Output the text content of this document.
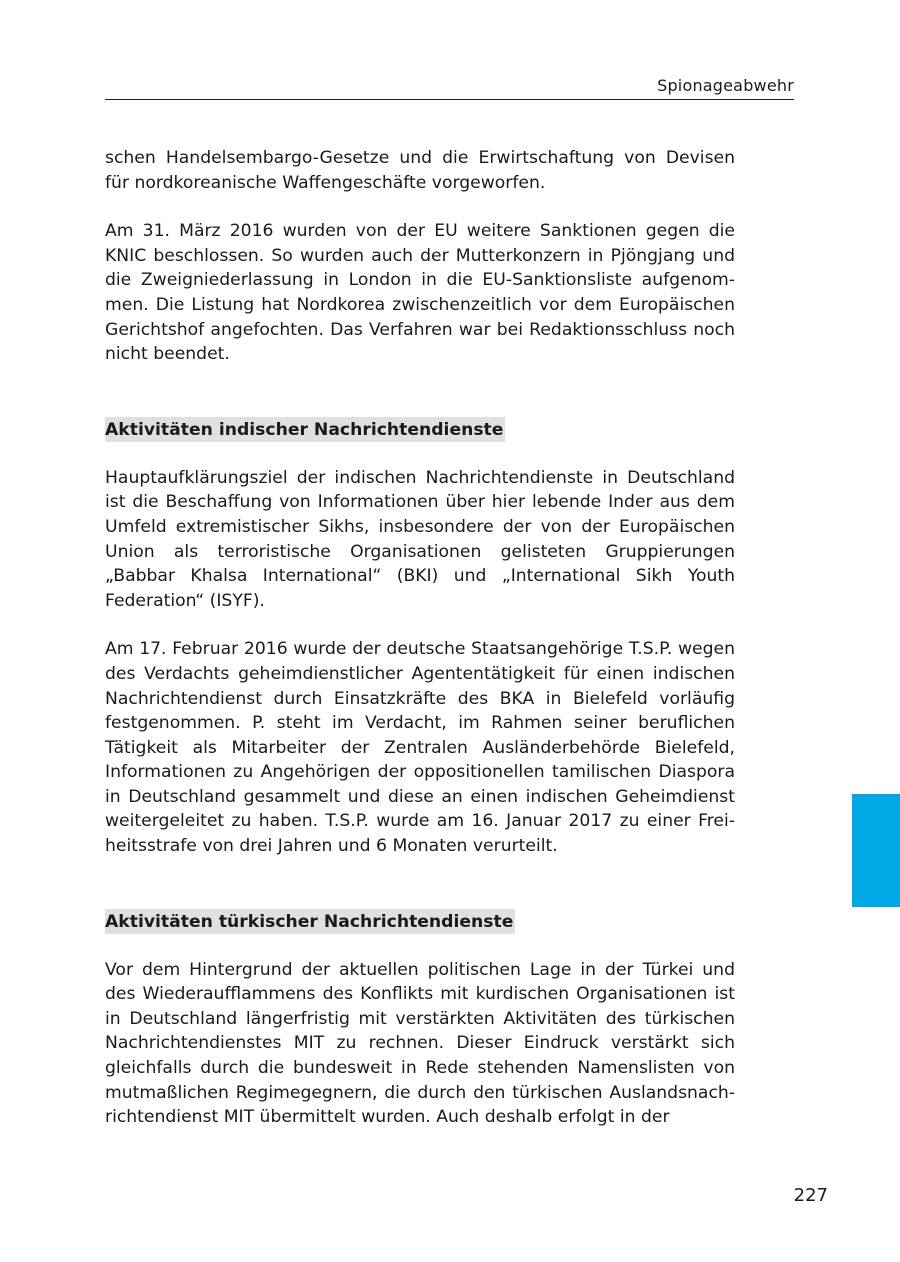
Spionageabwehr

schen Handelsembargo-Gesetze und die Erwirtschaftung von Devisen für nordkoreanische Waffengeschäfte vorgeworfen.

Am 31. März 2016 wurden von der EU weitere Sanktionen gegen die KNIC beschlossen. So wurden auch der Mutterkonzern in Pjöngjang und die Zweigniederlassung in London in die EU-Sanktionsliste aufgenommen. Die Listung hat Nordkorea zwischenzeitlich vor dem Europäischen Gerichtshof angefochten. Das Verfahren war bei Redaktionsschluss noch nicht beendet.

Aktivitäten indischer Nachrichtendienste

Hauptaufklärungsziel der indischen Nachrichtendienste in Deutschland ist die Beschaffung von Informationen über hier lebende Inder aus dem Umfeld extremistischer Sikhs, insbesondere der von der Europäischen Union als terroristische Organisationen gelisteten Gruppierungen „Babbar Khalsa International“ (BKI) und „International Sikh Youth Federation“ (ISYF).

Am 17. Februar 2016 wurde der deutsche Staatsangehörige T.S.P. wegen des Verdachts geheimdienstlicher Agententätigkeit für einen indischen Nachrichtendienst durch Einsatzkräfte des BKA in Bielefeld vorläufig festgenommen. P. steht im Verdacht, im Rahmen seiner beruflichen Tätigkeit als Mitarbeiter der Zentralen Ausländerbehörde Bielefeld, Informationen zu Angehörigen der oppositionellen tamilischen Diaspora in Deutschland gesammelt und diese an einen indischen Geheimdienst weitergeleitet zu haben. T.S.P. wurde am 16. Januar 2017 zu einer Freiheitsstrafe von drei Jahren und 6 Monaten verurteilt.

Aktivitäten türkischer Nachrichtendienste

Vor dem Hintergrund der aktuellen politischen Lage in der Türkei und des Wiederaufflammens des Konflikts mit kurdischen Organisationen ist in Deutschland längerfristig mit verstärkten Aktivitäten des türkischen Nachrichtendienstes MIT zu rechnen. Dieser Eindruck verstärkt sich gleichfalls durch die bundesweit in Rede stehenden Namenslisten von mutmaßlichen Regimegegnern, die durch den türkischen Auslandsnachrichtendienst MIT übermittelt wurden. Auch deshalb erfolgt in der

227
